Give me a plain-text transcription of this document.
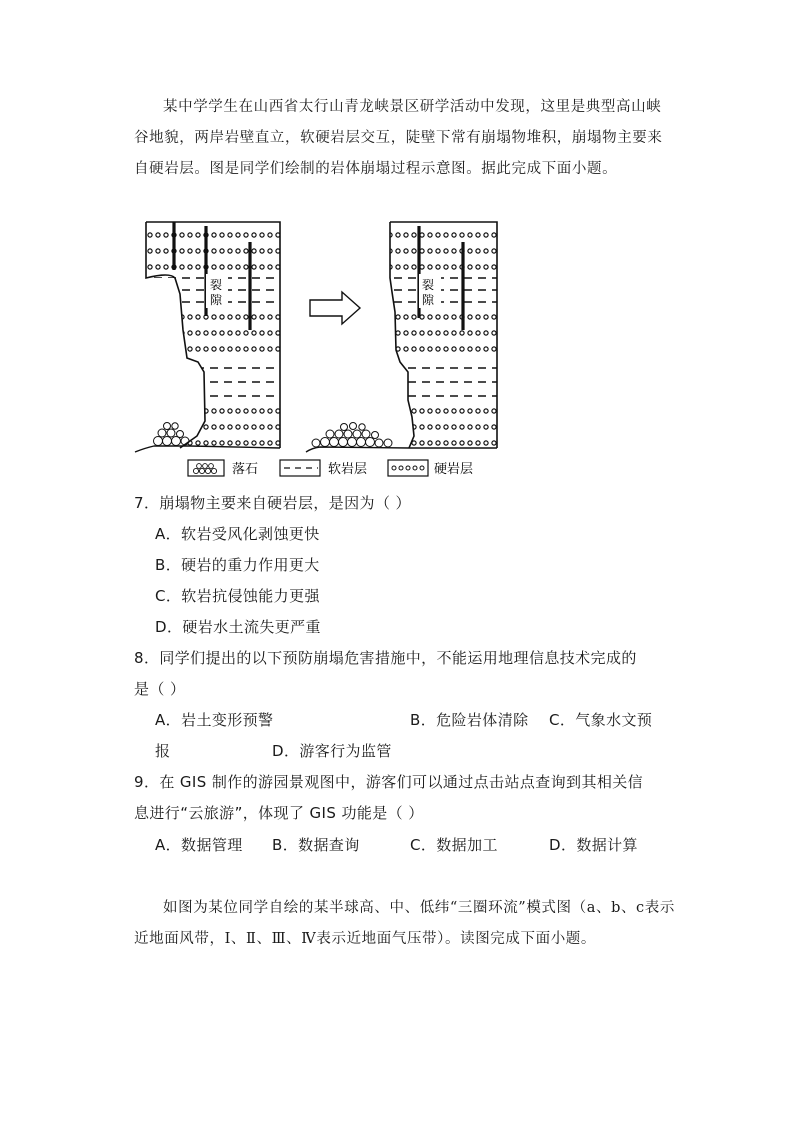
某中学学生在山西省太行山青龙峡景区研学活动中发现，这里是典型高山峡谷地貌，两岸岩壁直立，软硬岩层交互，陡壁下常有崩塌物堆积，崩塌物主要来自硬岩层。图是同学们绘制的岩体崩塌过程示意图。据此完成下面小题。

裂
隙
裂
隙
落石	软岩层	硬岩层

7．崩塌物主要来自硬岩层，是因为（ ）

A．软岩受风化剥蚀更快
B．硬岩的重力作用更大
C．软岩抗侵蚀能力更强
D．硬岩水土流失更严重

8．同学们提出的以下预防崩塌危害措施中，不能运用地理信息技术完成的

是（ ）

A．岩土变形预警	B．危险岩体清除 C．气象水文预
报	D．游客行为监管

9．在 GIS 制作的游园景观图中，游客们可以通过点击站点查询到其相关信

息进行“云旅游”，体现了 GIS 功能是（ ）

A．数据管理 B．数据查询	C．数据加工	D．数据计算

如图为某位同学自绘的某半球高、中、低纬“三圈环流”模式图（a、b、c表示近地面风带，Ⅰ、Ⅱ、Ⅲ、Ⅳ表示近地面气压带）。读图完成下面小题。
